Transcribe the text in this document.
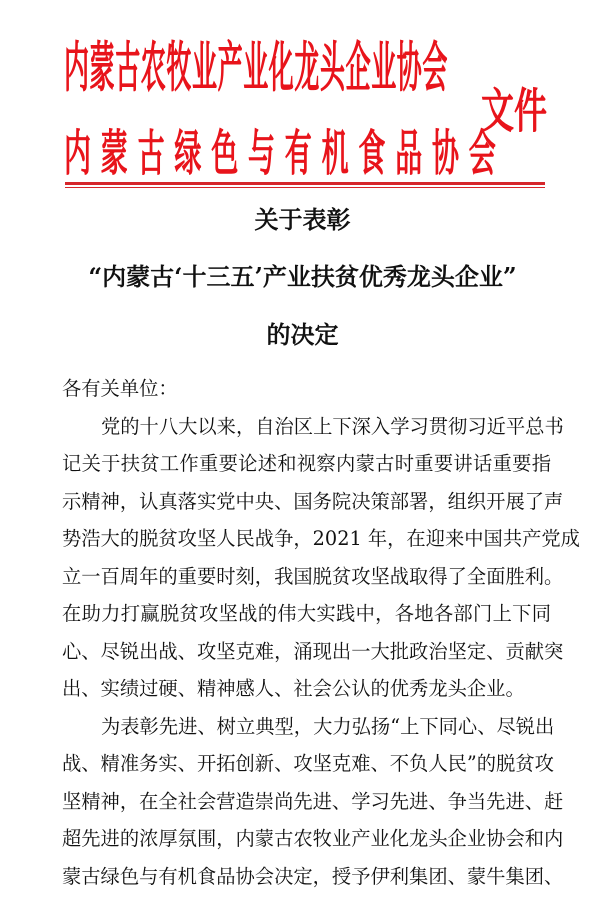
内蒙古农牧业产业化龙头企业协会
内蒙古绿色与有机食品协会
文件
关于表彰
“内蒙古‘十三五’产业扶贫优秀龙头企业”
的决定
各有关单位：
党的十八大以来，自治区上下深入学习贯彻习近平总书
记关于扶贫工作重要论述和视察内蒙古时重要讲话重要指
示精神，认真落实党中央、国务院决策部署，组织开展了声
势浩大的脱贫攻坚人民战争，2021 年，在迎来中国共产党成
立一百周年的重要时刻，我国脱贫攻坚战取得了全面胜利。
在助力打赢脱贫攻坚战的伟大实践中，各地各部门上下同
心、尽锐出战、攻坚克难，涌现出一大批政治坚定、贡献突
出、实绩过硬、精神感人、社会公认的优秀龙头企业。
为表彰先进、树立典型，大力弘扬“上下同心、尽锐出
战、精准务实、开拓创新、攻坚克难、不负人民”的脱贫攻
坚精神，在全社会营造崇尚先进、学习先进、争当先进、赶
超先进的浓厚氛围，内蒙古农牧业产业化龙头企业协会和内
蒙古绿色与有机食品协会决定，授予伊利集团、蒙牛集团、
